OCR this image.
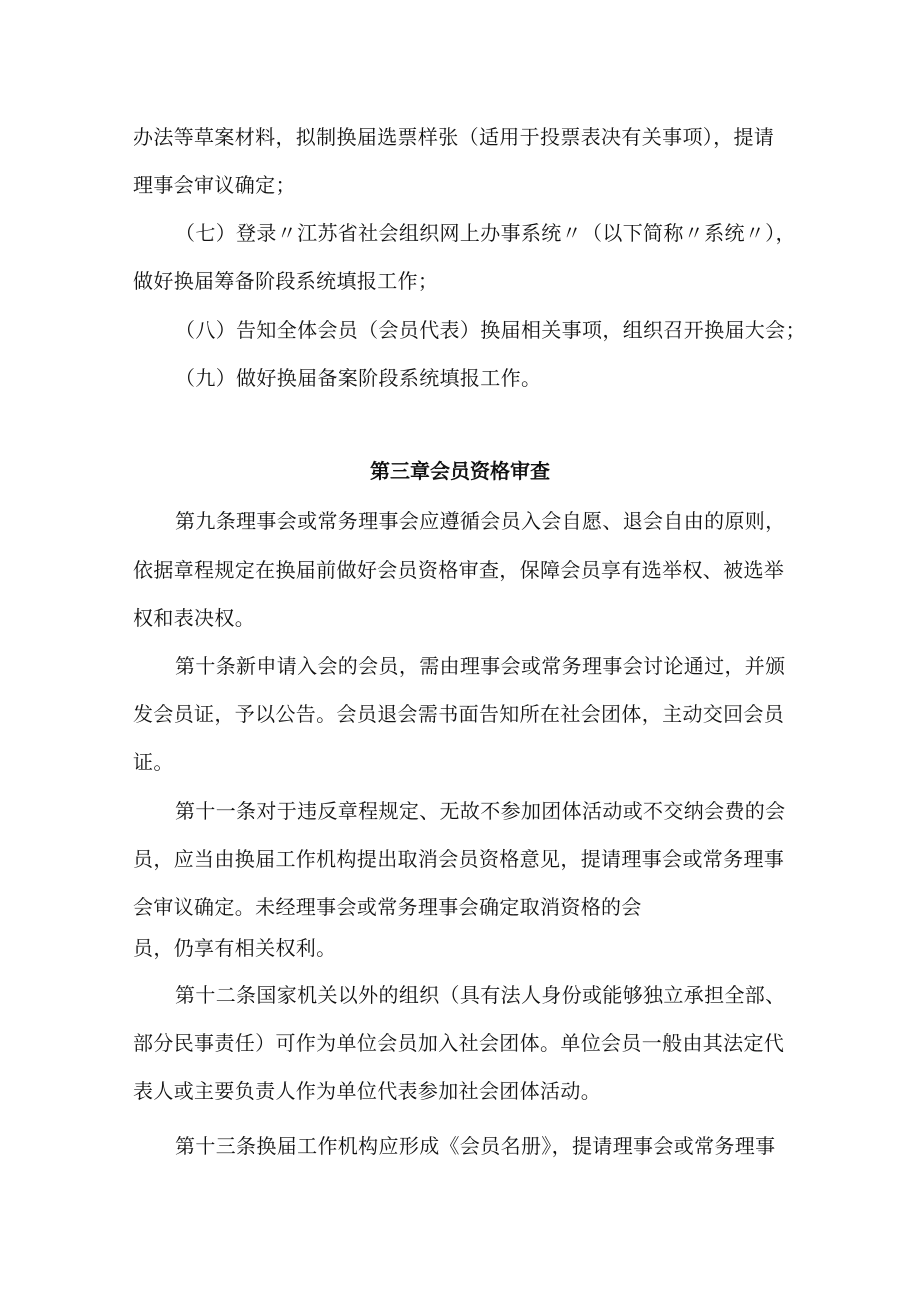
办法等草案材料，拟制换届选票样张（适用于投票表决有关事项），提请

理事会审议确定；

（七）登录〃江苏省社会组织网上办事系统〃（以下简称〃系统〃），

做好换届筹备阶段系统填报工作；

（八）告知全体会员（会员代表）换届相关事项，组织召开换届大会；

（九）做好换届备案阶段系统填报工作。

第三章会员资格审查

第九条理事会或常务理事会应遵循会员入会自愿、退会自由的原则，

依据章程规定在换届前做好会员资格审查，保障会员享有选举权、被选举

权和表决权。

第十条新申请入会的会员，需由理事会或常务理事会讨论通过，并颁

发会员证，予以公告。会员退会需书面告知所在社会团体，主动交回会员

证。

第十一条对于违反章程规定、无故不参加团体活动或不交纳会费的会

员，应当由换届工作机构提出取消会员资格意见，提请理事会或常务理事

会审议确定。未经理事会或常务理事会确定取消资格的会

员，仍享有相关权利。

第十二条国家机关以外的组织（具有法人身份或能够独立承担全部、

部分民事责任）可作为单位会员加入社会团体。单位会员一般由其法定代

表人或主要负责人作为单位代表参加社会团体活动。

第十三条换届工作机构应形成《会员名册》，提请理事会或常务理事
